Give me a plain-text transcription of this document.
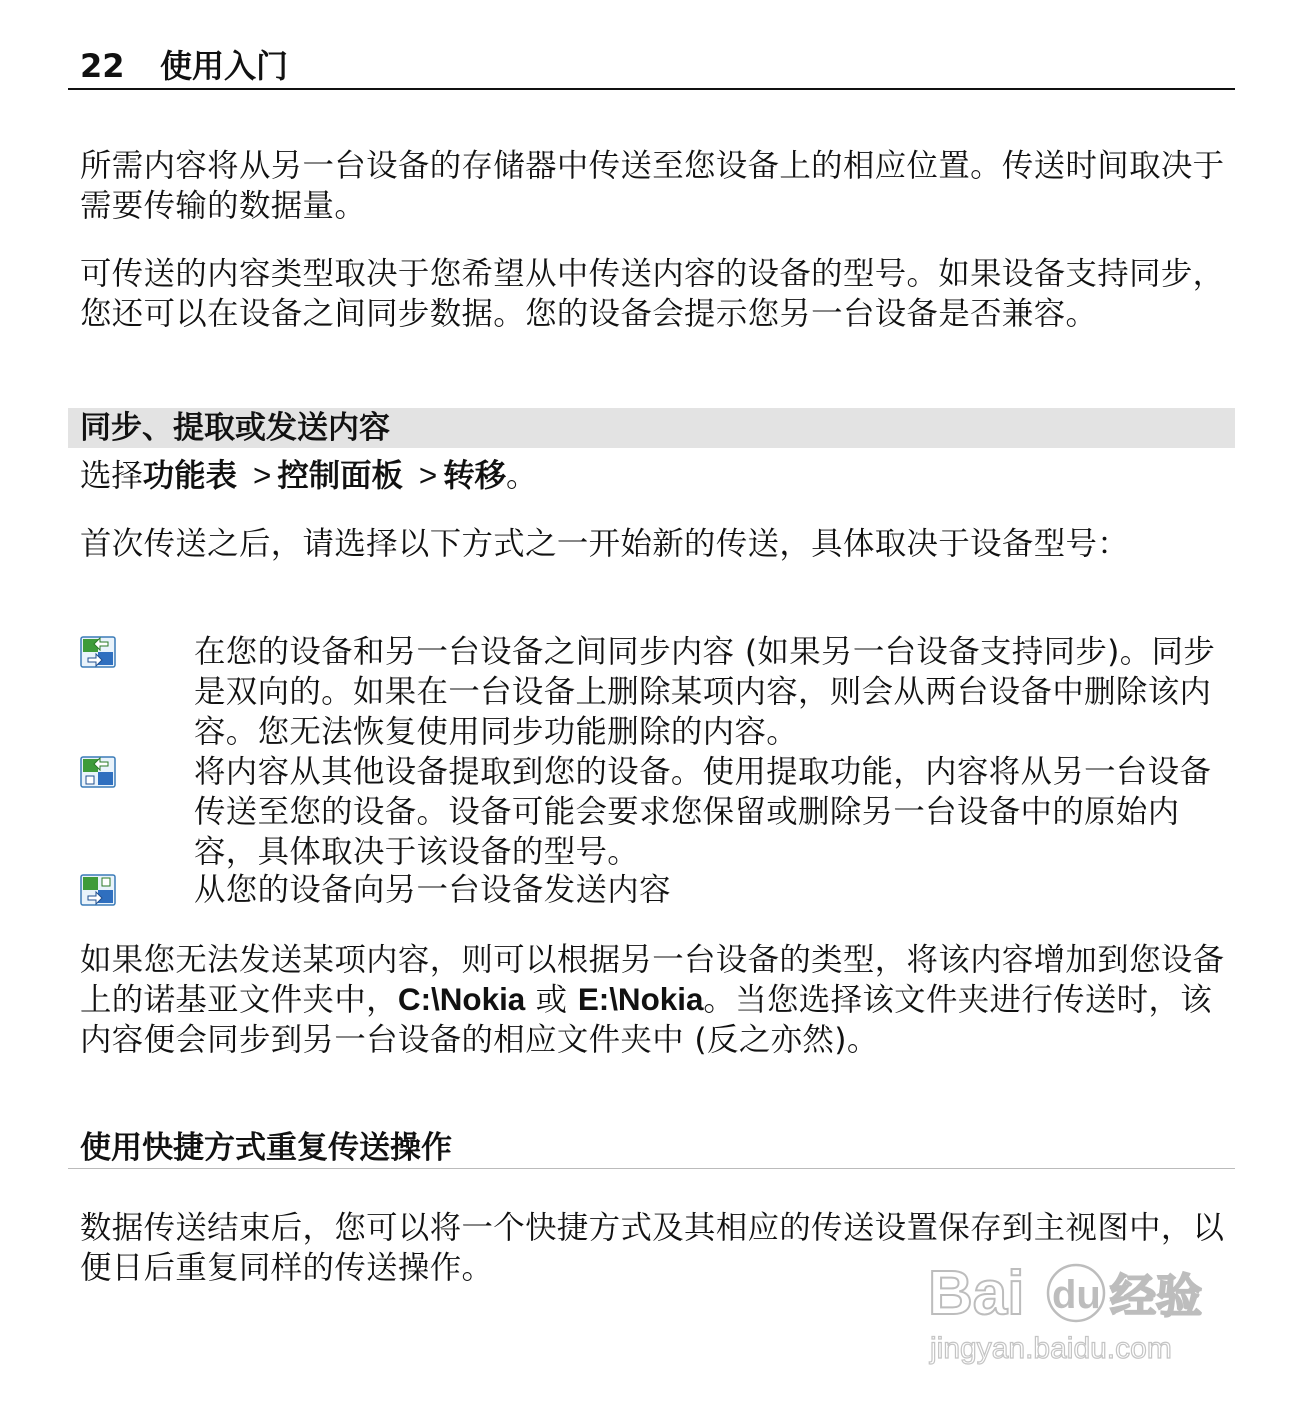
22 使用入门

所需内容将从另一台设备的存储器中传送至您设备上的相应位置。传送时间取决于需要传输的数据量。

可传送的内容类型取决于您希望从中传送内容的设备的型号。如果设备支持同步，您还可以在设备之间同步数据。您的设备会提示您另一台设备是否兼容。

同步、提取或发送内容
选择功能表 > 控制面板 > 转移。

首次传送之后，请选择以下方式之一开始新的传送，具体取决于设备型号：

在您的设备和另一台设备之间同步内容 (如果另一台设备支持同步)。同步是双向的。如果在一台设备上删除某项内容，则会从两台设备中删除该内容。您无法恢复使用同步功能删除的内容。

将内容从其他设备提取到您的设备。使用提取功能，内容将从另一台设备传送至您的设备。设备可能会要求您保留或删除另一台设备中的原始内容，具体取决于该设备的型号。

从您的设备向另一台设备发送内容

如果您无法发送某项内容，则可以根据另一台设备的类型，将该内容增加到您设备上的诺基亚文件夹中，C:\Nokia 或 E:\Nokia。当您选择该文件夹进行传送时，该内容便会同步到另一台设备的相应文件夹中 (反之亦然)。

使用快捷方式重复传送操作

数据传送结束后，您可以将一个快捷方式及其相应的传送设置保存到主视图中，以便日后重复同样的传送操作。	Bai du 经验
jingyan.baidu.com
